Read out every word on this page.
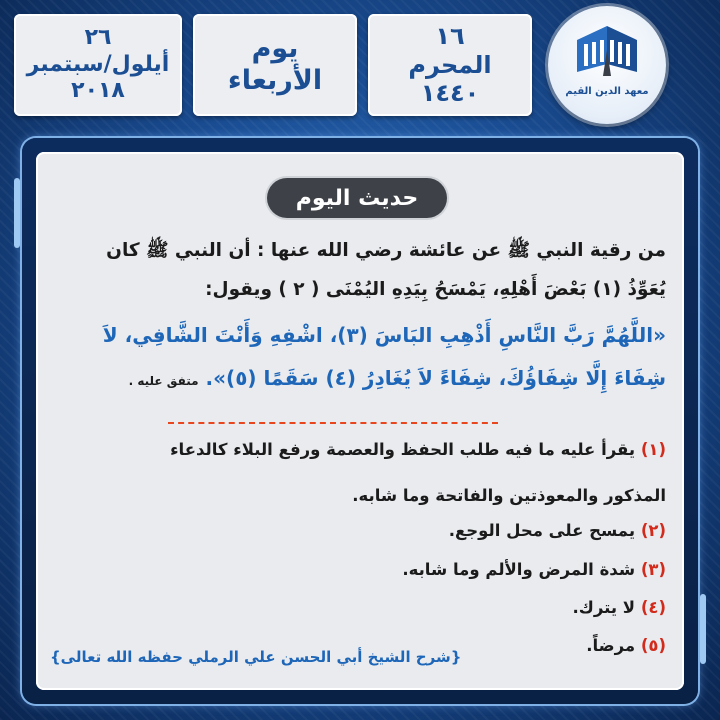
٢٦
أيلول/سبتمبر
٢٠١٨
يوم
الأربعاء
١٦
المحرم
١٤٤٠	معهد الدين القيم
حديث اليوم
من رقية النبي ﷺ عن عائشة رضي الله عنها : أن النبي ﷺ كان
يُعَوِّذُ (١) بَعْضَ أَهْلِهِ، يَمْسَحُ بِيَدِهِ اليُمْنَى ( ٢ ) ويقول:
«اللَّهُمَّ رَبَّ النَّاسِ أَذْهِبِ البَاسَ (٣)، اشْفِهِ وَأَنْتَ الشَّافِي، لاَ
شِفَاءَ إِلَّا شِفَاؤُكَ، شِفَاءً لاَ يُغَادِرُ (٤) سَقَمًا (٥)». متفق عليه .
(١) يقرأ عليه ما فيه طلب الحفظ والعصمة ورفع البلاء كالدعاء
المذكور والمعوذتين والفاتحة وما شابه.
(٢) يمسح على محل الوجع.
(٣) شدة المرض والألم وما شابه.
(٤) لا يترك.
(٥) مرضاً.
{شرح الشيخ أبي الحسن علي الرملي حفظه الله تعالى}
